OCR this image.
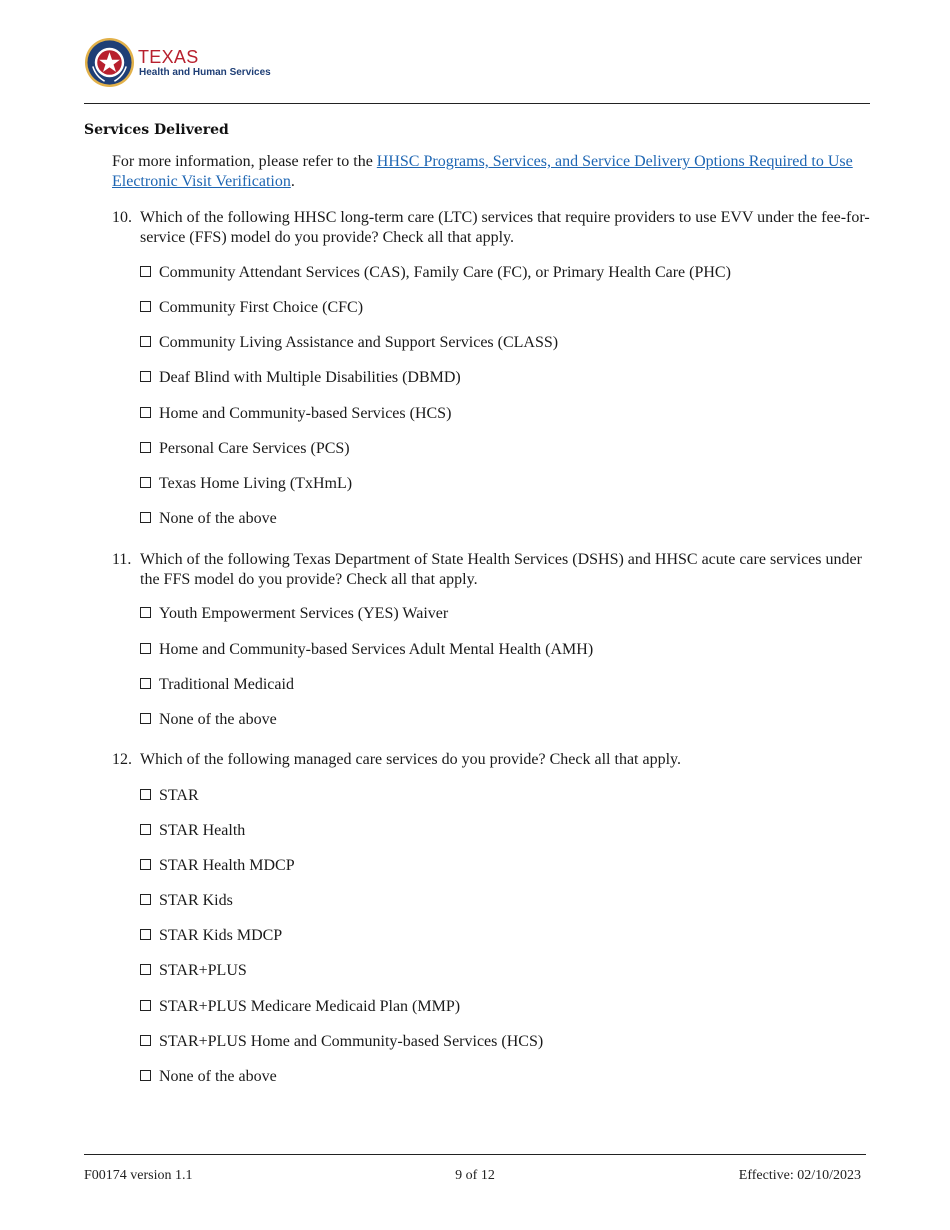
TEXAS
Health and Human Services
Services Delivered
For more information, please refer to the HHSC Programs, Services, and Service Delivery Options Required to Use Electronic Visit Verification.
10. Which of the following HHSC long-term care (LTC) services that require providers to use EVV under the fee-for-service (FFS) model do you provide? Check all that apply.
Community Attendant Services (CAS), Family Care (FC), or Primary Health Care (PHC)
Community First Choice (CFC)
Community Living Assistance and Support Services (CLASS)
Deaf Blind with Multiple Disabilities (DBMD)
Home and Community-based Services (HCS)
Personal Care Services (PCS)
Texas Home Living (TxHmL)
None of the above
11. Which of the following Texas Department of State Health Services (DSHS) and HHSC acute care services under the FFS model do you provide? Check all that apply.
Youth Empowerment Services (YES) Waiver
Home and Community-based Services Adult Mental Health (AMH)
Traditional Medicaid
None of the above
12. Which of the following managed care services do you provide? Check all that apply.
STAR
STAR Health
STAR Health MDCP
STAR Kids
STAR Kids MDCP
STAR+PLUS
STAR+PLUS Medicare Medicaid Plan (MMP)
STAR+PLUS Home and Community-based Services (HCS)
None of the above
F00174 version 1.1	9 of 12	Effective: 02/10/2023
